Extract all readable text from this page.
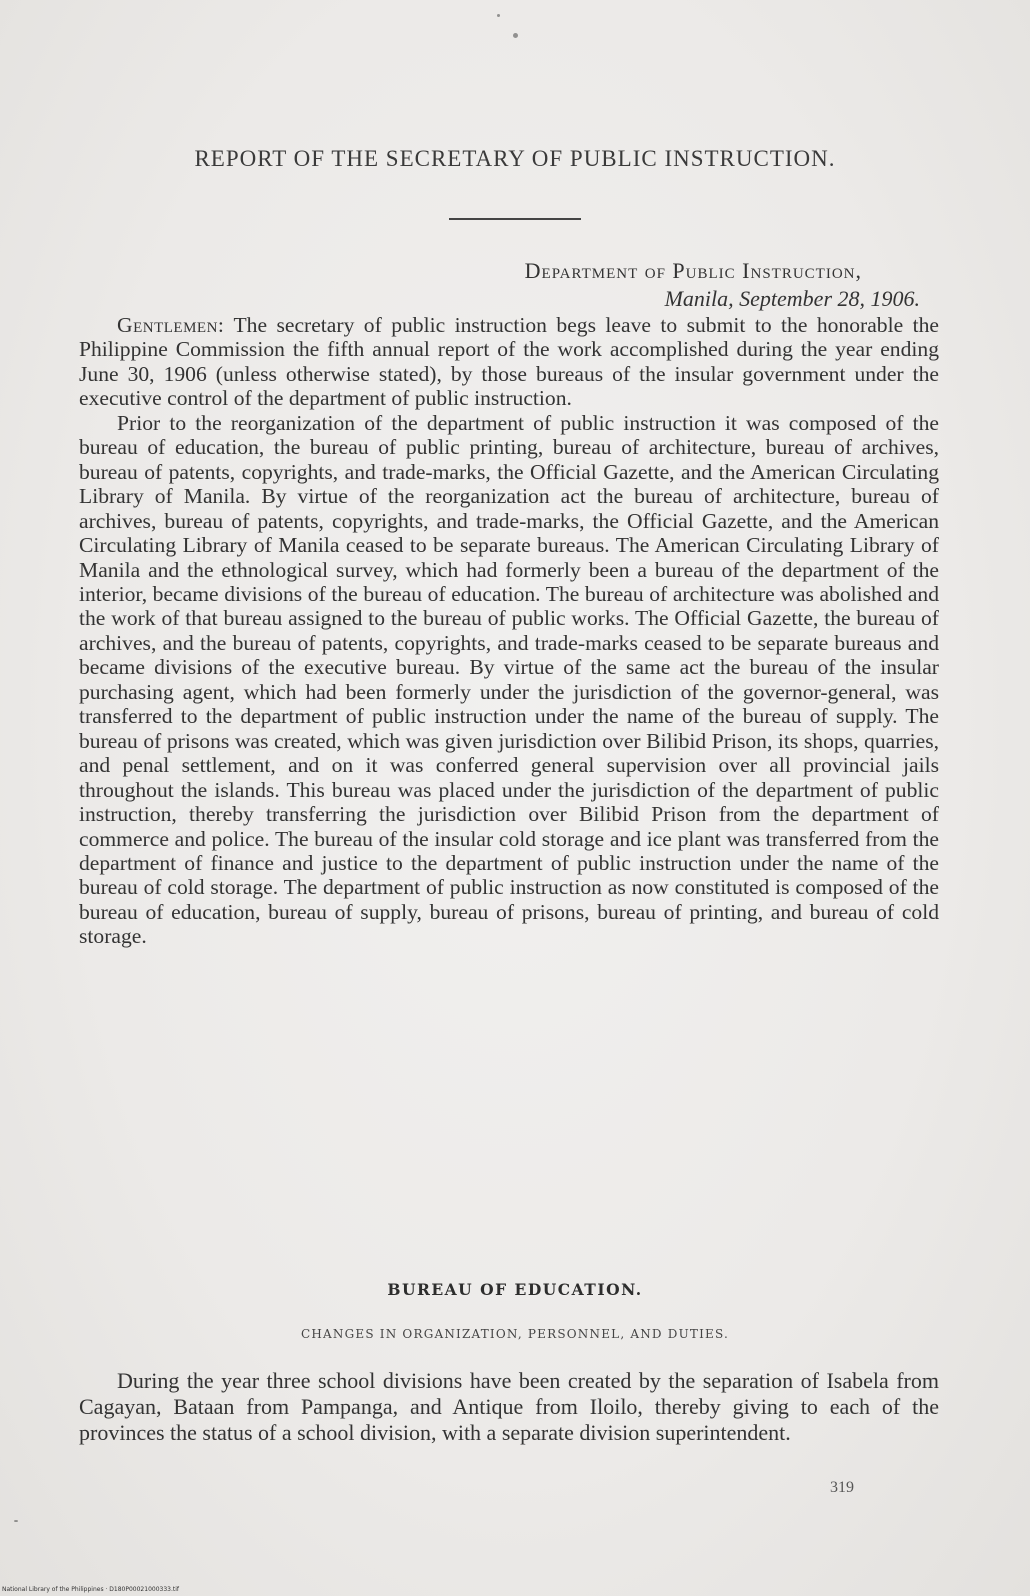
REPORT OF THE SECRETARY OF PUBLIC INSTRUCTION.
Department of Public Instruction,
Manila, September 28, 1906.

Gentlemen: The secretary of public instruction begs leave to submit to the honorable the Philippine Commission the fifth annual report of the work accomplished during the year ending June 30, 1906 (unless otherwise stated), by those bureaus of the insular government under the executive control of the department of public instruction.

Prior to the reorganization of the department of public instruction it was composed of the bureau of education, the bureau of public printing, bureau of architecture, bureau of archives, bureau of patents, copyrights, and trade-marks, the Official Gazette, and the American Circulating Library of Manila. By virtue of the reorganization act the bureau of architecture, bureau of archives, bureau of patents, copyrights, and trade-marks, the Official Gazette, and the American Circulating Library of Manila ceased to be separate bureaus. The American Circulating Library of Manila and the ethnological survey, which had formerly been a bureau of the department of the interior, became divisions of the bureau of education. The bureau of architecture was abolished and the work of that bureau assigned to the bureau of public works. The Official Gazette, the bureau of archives, and the bureau of patents, copyrights, and trade-marks ceased to be separate bureaus and became divisions of the executive bureau. By virtue of the same act the bureau of the insular purchasing agent, which had been formerly under the jurisdiction of the governor-general, was transferred to the department of public instruction under the name of the bureau of supply. The bureau of prisons was created, which was given jurisdiction over Bilibid Prison, its shops, quarries, and penal settlement, and on it was conferred general supervision over all provincial jails throughout the islands. This bureau was placed under the jurisdiction of the department of public instruction, thereby transferring the jurisdiction over Bilibid Prison from the department of commerce and police. The bureau of the insular cold storage and ice plant was transferred from the department of finance and justice to the department of public instruction under the name of the bureau of cold storage. The department of public instruction as now constituted is composed of the bureau of education, bureau of supply, bureau of prisons, bureau of printing, and bureau of cold storage.

BUREAU OF EDUCATION.
CHANGES IN ORGANIZATION, PERSONNEL, AND DUTIES.

During the year three school divisions have been created by the separation of Isabela from Cagayan, Bataan from Pampanga, and Antique from Iloilo, thereby giving to each of the provinces the status of a school division, with a separate division superintendent.

319
National Library of the Philippines · D180P00021000333.tif
